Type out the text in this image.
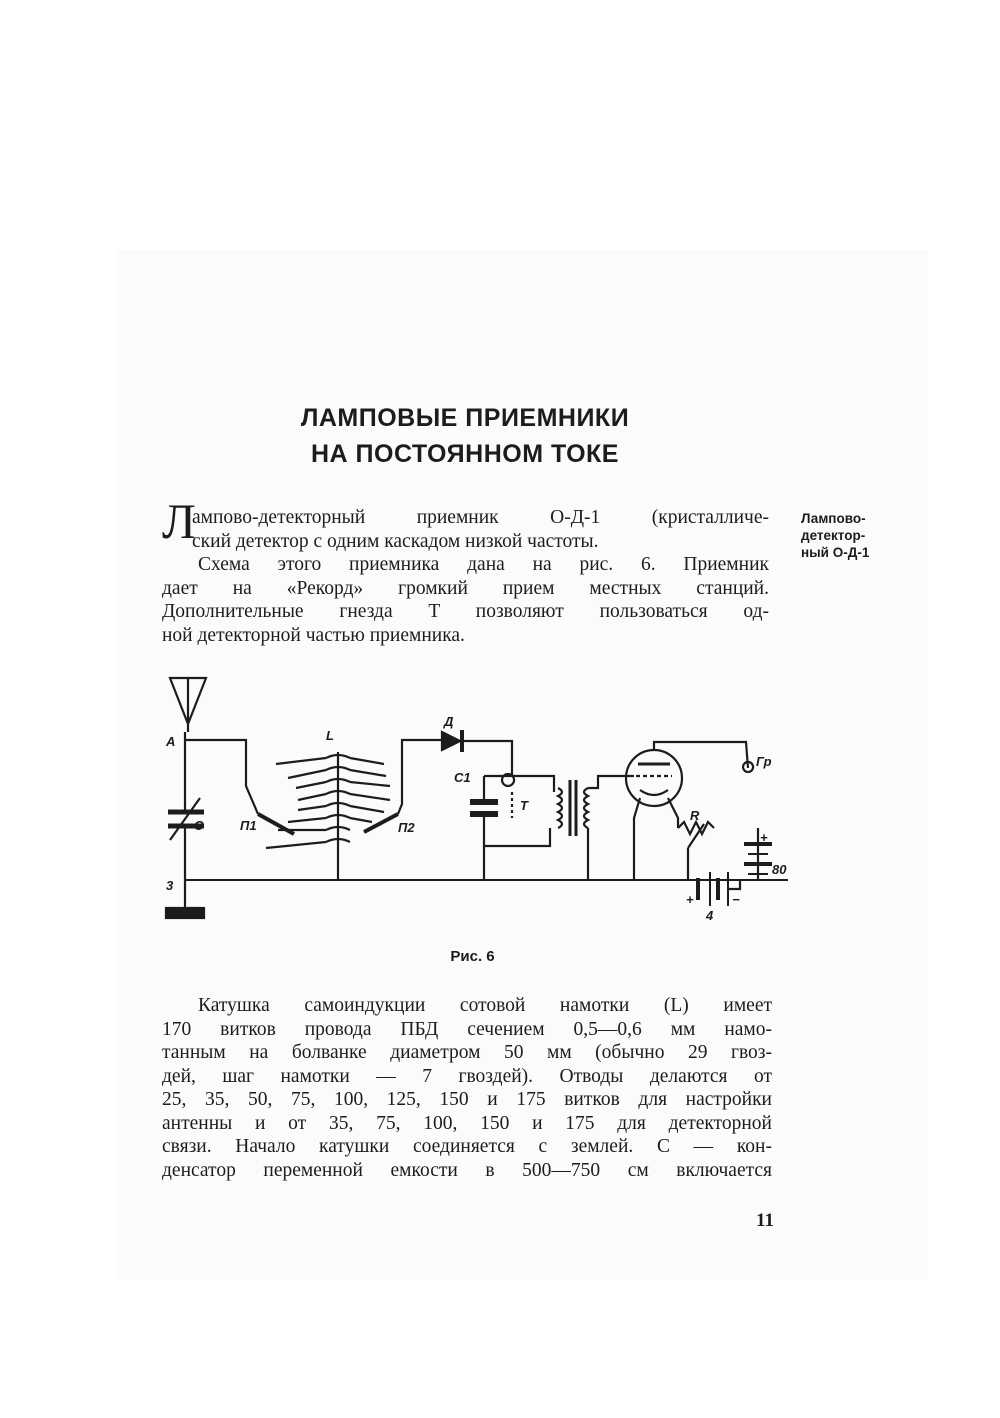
ЛАМПОВЫЕ ПРИЕМНИКИ
НА ПОСТОЯННОМ ТОКЕ
Л
ампово-детекторный приемник О-Д-1 (кристалличе-
ский детектор с одним каскадом низкой частоты.
Схема этого приемника дана на рис. 6. Приемник
дает на «Рекорд» громкий прием местных станций.
Дополнительные гнезда T позволяют пользоваться од-
ной детекторной частью приемника.
Лампово-
детектор-
ный О-Д-1
A
3
C
L
П1	П2
Д
C1
T
R
4
80
Гр
+
+	−
Рис. 6
Катушка самоиндукции сотовой намотки (L) имеет
170 витков провода ПБД сечением 0,5—0,6 мм намо-
танным на болванке диаметром 50 мм (обычно 29 гвоз-
дей, шаг намотки — 7 гвоздей). Отводы делаются от
25, 35, 50, 75, 100, 125, 150 и 175 витков для настройки
антенны и от 35, 75, 100, 150 и 175 для детекторной
связи. Начало катушки соединяется с землей. C — кон-
денсатор переменной емкости в 500—750 см включается
11
